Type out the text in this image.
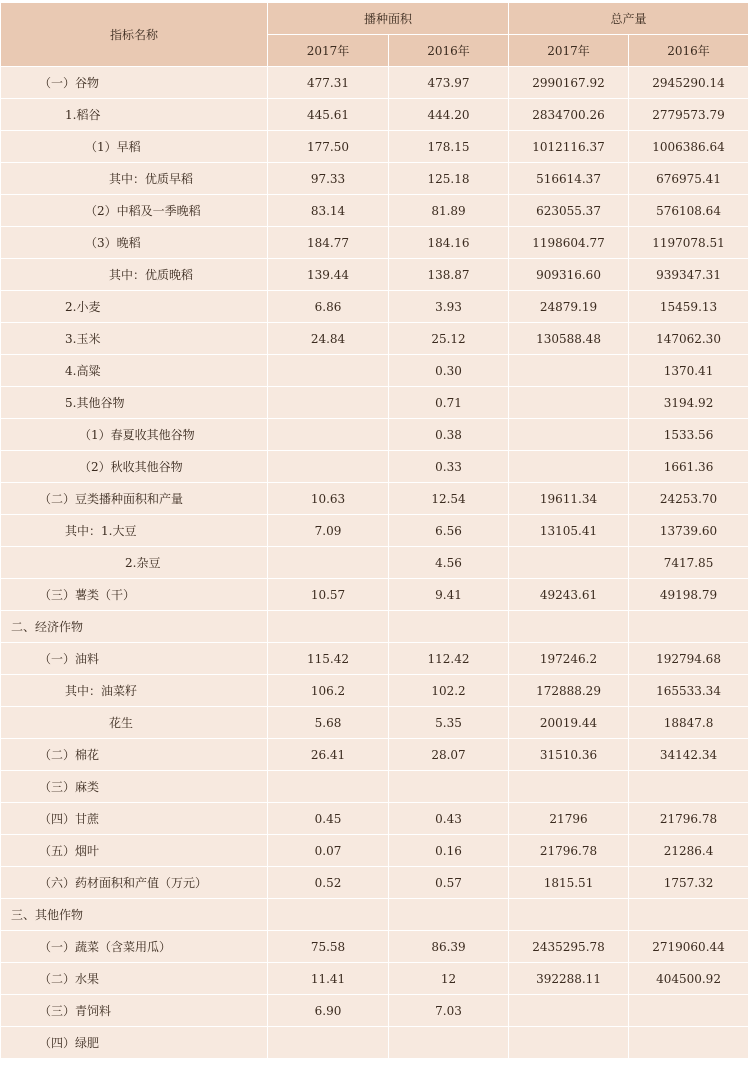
指标名称	播种面积		总产量	
	2017年	2016年	2017年	2016年
（一）谷物	477.31	473.97	2990167.92	2945290.14
1.稻谷	445.61	444.20	2834700.26	2779573.79
（1）早稻	177.50	178.15	1012116.37	1006386.64
其中：优质早稻	97.33	125.18	516614.37	676975.41
（2）中稻及一季晚稻	83.14	81.89	623055.37	576108.64
（3）晚稻	184.77	184.16	1198604.77	1197078.51
其中：优质晚稻	139.44	138.87	909316.60	939347.31
2.小麦	6.86	3.93	24879.19	15459.13
3.玉米	24.84	25.12	130588.48	147062.30
4.高粱		0.30		1370.41
5.其他谷物		0.71		3194.92
（1）春夏收其他谷物		0.38		1533.56
（2）秋收其他谷物		0.33		1661.36
（二）豆类播种面积和产量	10.63	12.54	19611.34	24253.70
其中：1.大豆	7.09	6.56	13105.41	13739.60
2.杂豆		4.56		7417.85
（三）薯类（干）	10.57	9.41	49243.61	49198.79
二、经济作物				
（一）油料	115.42	112.42	197246.2	192794.68
其中：油菜籽	106.2	102.2	172888.29	165533.34
花生	5.68	5.35	20019.44	18847.8
（二）棉花	26.41	28.07	31510.36	34142.34
（三）麻类				
（四）甘蔗	0.45	0.43	21796	21796.78
（五）烟叶	0.07	0.16	21796.78	21286.4
（六）药材面积和产值（万元）	0.52	0.57	1815.51	1757.32
三、其他作物				
（一）蔬菜（含菜用瓜）	75.58	86.39	2435295.78	2719060.44
（二）水果	11.41	12	392288.11	404500.92
（三）青饲料	6.90	7.03		
（四）绿肥				
